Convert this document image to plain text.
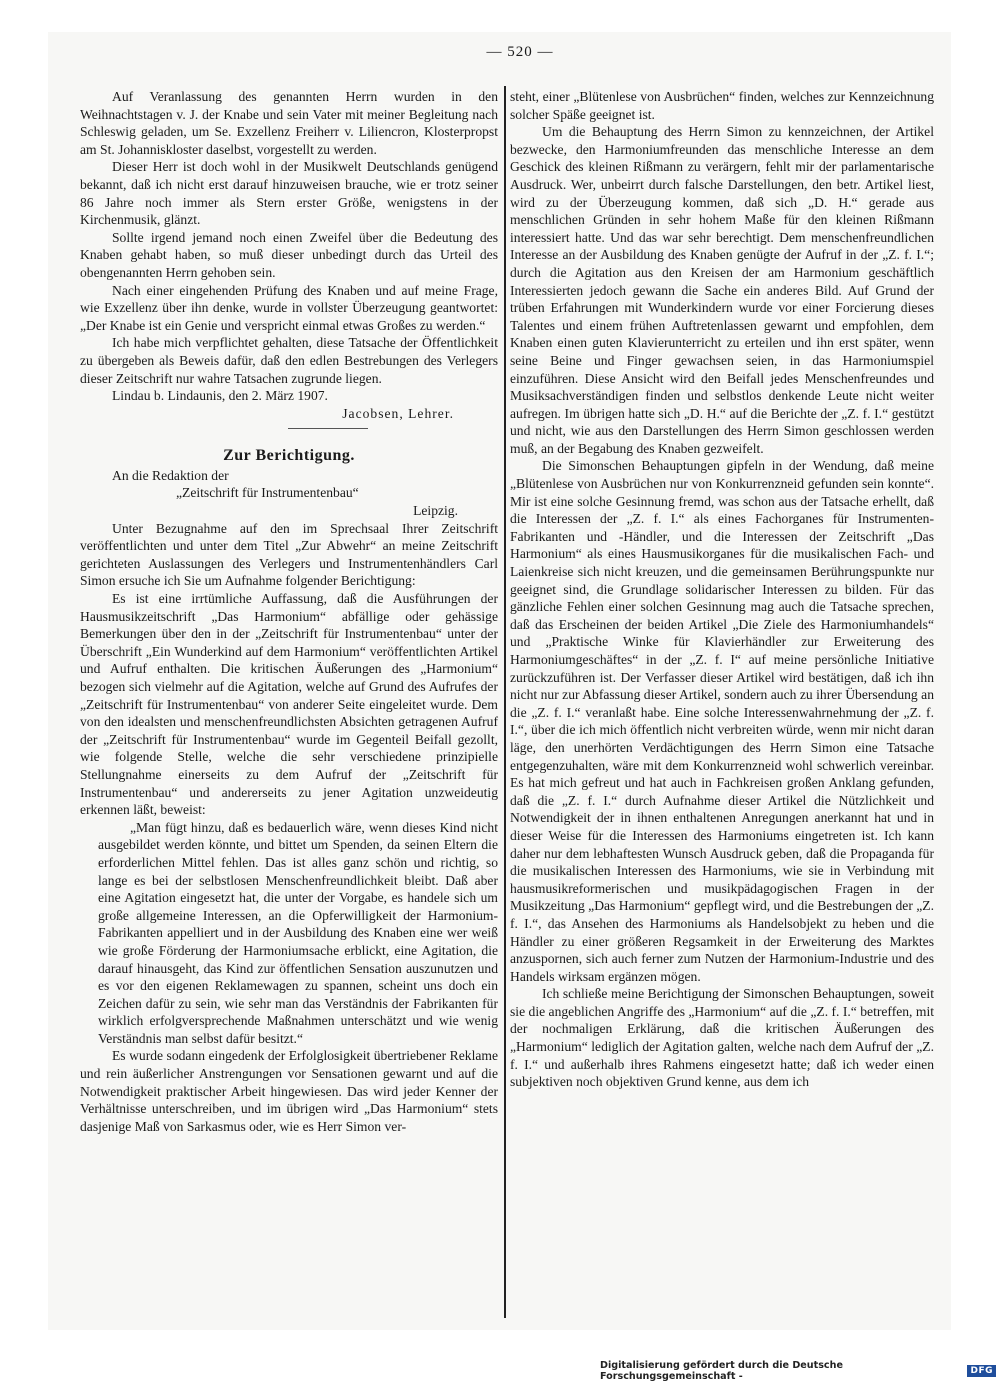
— 520 —

Auf Veranlassung des genannten Herrn wurden in den Weihnachtstagen v. J. der Knabe und sein Vater mit meiner Begleitung nach Schleswig geladen, um Se. Exzellenz Freiherr v. Liliencron, Klosterpropst am St. Johanniskloster daselbst, vorgestellt zu werden.

Dieser Herr ist doch wohl in der Musikwelt Deutschlands genügend bekannt, daß ich nicht erst darauf hinzuweisen brauche, wie er trotz seiner 86 Jahre noch immer als Stern erster Größe, wenigstens in der Kirchenmusik, glänzt.

Sollte irgend jemand noch einen Zweifel über die Bedeutung des Knaben gehabt haben, so muß dieser unbedingt durch das Urteil des obengenannten Herrn gehoben sein.

Nach einer eingehenden Prüfung des Knaben und auf meine Frage, wie Exzellenz über ihn denke, wurde in vollster Überzeugung geantwortet: „Der Knabe ist ein Genie und verspricht einmal etwas Großes zu werden.“

Ich habe mich verpflichtet gehalten, diese Tatsache der Öffentlichkeit zu übergeben als Beweis dafür, daß den edlen Bestrebungen des Verlegers dieser Zeitschrift nur wahre Tatsachen zugrunde liegen.

Lindau b. Lindaunis, den 2. März 1907.

Jacobsen, Lehrer.

Zur Berichtigung.

An die Redaktion der

„Zeitschrift für Instrumentenbau“

Leipzig.

Unter Bezugnahme auf den im Sprechsaal Ihrer Zeitschrift veröffentlichten und unter dem Titel „Zur Abwehr“ an meine Zeitschrift gerichteten Auslassungen des Verlegers und Instrumentenhändlers Carl Simon ersuche ich Sie um Aufnahme folgender Berichtigung:

Es ist eine irrtümliche Auffassung, daß die Ausführungen der Hausmusikzeitschrift „Das Harmonium“ abfällige oder gehässige Bemerkungen über den in der „Zeitschrift für Instrumentenbau“ unter der Überschrift „Ein Wunderkind auf dem Harmonium“ veröffentlichten Artikel und Aufruf enthalten. Die kritischen Äußerungen des „Harmonium“ bezogen sich vielmehr auf die Agitation, welche auf Grund des Aufrufes der „Zeitschrift für Instrumentenbau“ von anderer Seite eingeleitet wurde. Dem von den idealsten und menschenfreundlichsten Absichten getragenen Aufruf der „Zeitschrift für Instrumentenbau“ wurde im Gegenteil Beifall gezollt, wie folgende Stelle, welche die sehr verschiedene prinzipielle Stellungnahme einerseits zu dem Aufruf der „Zeitschrift für Instrumentenbau“ und andererseits zu jener Agitation unzweideutig erkennen läßt, beweist:

„Man fügt hinzu, daß es bedauerlich wäre, wenn dieses Kind nicht ausgebildet werden könnte, und bittet um Spenden, da seinen Eltern die erforderlichen Mittel fehlen. Das ist alles ganz schön und richtig, so lange es bei der selbstlosen Menschenfreundlichkeit bleibt. Daß aber eine Agitation eingesetzt hat, die unter der Vorgabe, es handele sich um große allgemeine Interessen, an die Opferwilligkeit der Harmonium-Fabrikanten appelliert und in der Ausbildung des Knaben eine wer weiß wie große Förderung der Harmoniumsache erblickt, eine Agitation, die darauf hinausgeht, das Kind zur öffentlichen Sensation auszunutzen und es vor den eigenen Reklamewagen zu spannen, scheint uns doch ein Zeichen dafür zu sein, wie sehr man das Verständnis der Fabrikanten für wirklich erfolgversprechende Maßnahmen unterschätzt und wie wenig Verständnis man selbst dafür besitzt.“

Es wurde sodann eingedenk der Erfolglosigkeit übertriebener Reklame und rein äußerlicher Anstrengungen vor Sensationen gewarnt und auf die Notwendigkeit praktischer Arbeit hingewiesen. Das wird jeder Kenner der Verhältnisse unterschreiben, und im übrigen wird „Das Harmonium“ stets dasjenige Maß von Sarkasmus oder, wie es Herr Simon ver-

steht, einer „Blütenlese von Ausbrüchen“ finden, welches zur Kennzeichnung solcher Späße geeignet ist.

Um die Behauptung des Herrn Simon zu kennzeichnen, der Artikel bezwecke, den Harmoniumfreunden das menschliche Interesse an dem Geschick des kleinen Rißmann zu verärgern, fehlt mir der parlamentarische Ausdruck. Wer, unbeirrt durch falsche Darstellungen, den betr. Artikel liest, wird zu der Überzeugung kommen, daß sich „D. H.“ gerade aus menschlichen Gründen in sehr hohem Maße für den kleinen Rißmann interessiert hatte. Und das war sehr berechtigt. Dem menschenfreundlichen Interesse an der Ausbildung des Knaben genügte der Aufruf in der „Z. f. I.“; durch die Agitation aus den Kreisen der am Harmonium geschäftlich Interessierten jedoch gewann die Sache ein anderes Bild. Auf Grund der trüben Erfahrungen mit Wunderkindern wurde vor einer Forcierung dieses Talentes und einem frühen Auftretenlassen gewarnt und empfohlen, dem Knaben einen guten Klavierunterricht zu erteilen und ihn erst später, wenn seine Beine und Finger gewachsen seien, in das Harmoniumspiel einzuführen. Diese Ansicht wird den Beifall jedes Menschenfreundes und Musiksachverständigen finden und selbstlos denkende Leute nicht weiter aufregen. Im übrigen hatte sich „D. H.“ auf die Berichte der „Z. f. I.“ gestützt und nicht, wie aus den Darstellungen des Herrn Simon geschlossen werden muß, an der Begabung des Knaben gezweifelt.

Die Simonschen Behauptungen gipfeln in der Wendung, daß meine „Blütenlese von Ausbrüchen nur von Konkurrenzneid gefunden sein konnte“. Mir ist eine solche Gesinnung fremd, was schon aus der Tatsache erhellt, daß die Interessen der „Z. f. I.“ als eines Fachorganes für Instrumenten-Fabrikanten und -Händler, und die Interessen der Zeitschrift „Das Harmonium“ als eines Hausmusikorganes für die musikalischen Fach- und Laienkreise sich nicht kreuzen, und die gemeinsamen Berührungspunkte nur geeignet sind, die Grundlage solidarischer Interessen zu bilden. Für das gänzliche Fehlen einer solchen Gesinnung mag auch die Tatsache sprechen, daß das Erscheinen der beiden Artikel „Die Ziele des Harmoniumhandels“ und „Praktische Winke für Klavierhändler zur Erweiterung des Harmoniumgeschäftes“ in der „Z. f. I“ auf meine persönliche Initiative zurückzuführen ist. Der Verfasser dieser Artikel wird bestätigen, daß ich ihn nicht nur zur Abfassung dieser Artikel, sondern auch zu ihrer Übersendung an die „Z. f. I.“ veranlaßt habe. Eine solche Interessenwahrnehmung der „Z. f. I.“, über die ich mich öffentlich nicht verbreiten würde, wenn mir nicht daran läge, den unerhörten Verdächtigungen des Herrn Simon eine Tatsache entgegenzuhalten, wäre mit dem Konkurrenzneid wohl schwerlich vereinbar. Es hat mich gefreut und hat auch in Fachkreisen großen Anklang gefunden, daß die „Z. f. I.“ durch Aufnahme dieser Artikel die Nützlichkeit und Notwendigkeit der in ihnen enthaltenen Anregungen anerkannt hat und in dieser Weise für die Interessen des Harmoniums eingetreten ist. Ich kann daher nur dem lebhaftesten Wunsch Ausdruck geben, daß die Propaganda für die musikalischen Interessen des Harmoniums, wie sie in Verbindung mit hausmusikreformerischen und musikpädagogischen Fragen in der Musikzeitung „Das Harmonium“ gepflegt wird, und die Bestrebungen der „Z. f. I.“, das Ansehen des Harmoniums als Handelsobjekt zu heben und die Händler zu einer größeren Regsamkeit in der Erweiterung des Marktes anzuspornen, sich auch ferner zum Nutzen der Harmonium-Industrie und des Handels wirksam ergänzen mögen.

Ich schließe meine Berichtigung der Simonschen Behauptungen, soweit sie die angeblichen Angriffe des „Harmonium“ auf die „Z. f. I.“ betreffen, mit der nochmaligen Erklärung, daß die kritischen Äußerungen des „Harmonium“ lediglich der Agitation galten, welche nach dem Aufruf der „Z. f. I.“ und außerhalb ihres Rahmens eingesetzt hatte; daß ich weder einen subjektiven noch objektiven Grund kenne, aus dem ich

Digitalisierung gefördert durch die Deutsche Forschungsgemeinschaft -	DFG
